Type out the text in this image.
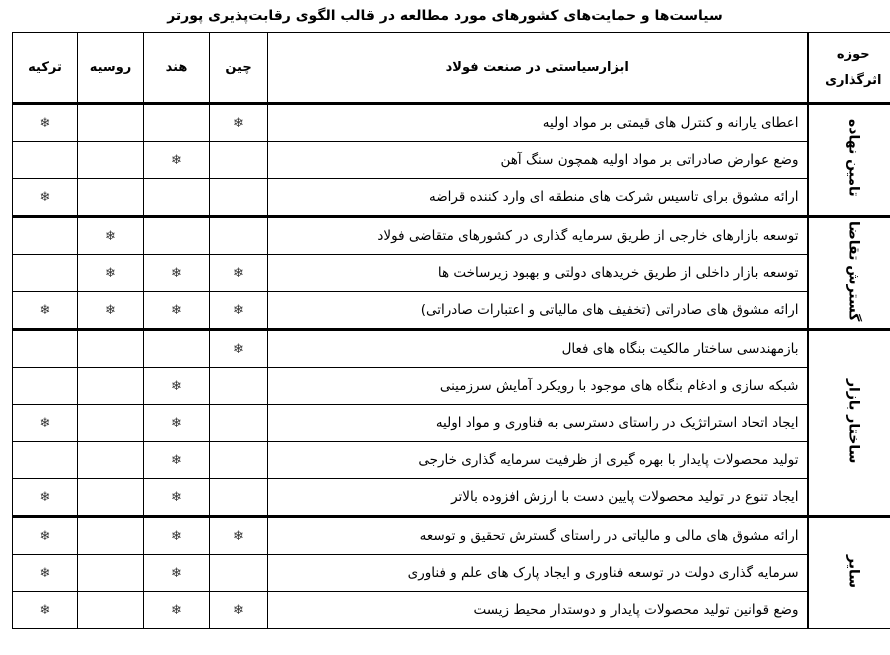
سیاست‌ها و حمایت‌های کشورهای مورد مطالعه در قالب الگوی رقابت‌پذیری پورتر
حوزه اثرگذاری	ابزارسیاستی در صنعت فولاد	چین	هند	روسیه	ترکیه
تامین نهاده	اعطای یارانه و کنترل های قیمتی بر مواد اولیه	❄			❄
	وضع عوارض صادراتی بر مواد اولیه همچون سنگ آهن		❄		
	ارائه مشوق برای تاسیس شرکت های منطقه ای وارد کننده قراضه				❄
گسترش تقاضا	توسعه بازارهای خارجی از طریق سرمایه گذاری در کشورهای متقاضی فولاد			❄	
	توسعه بازار داخلی از طریق خریدهای دولتی و بهبود زیرساخت ها	❄	❄	❄	
	ارائه مشوق های صادراتی (تخفیف های مالیاتی و اعتبارات صادراتی)	❄	❄	❄	❄
ساختار بازار	بازمهندسی ساختار مالکیت بنگاه های فعال	❄			
	شبکه سازی و ادغام بنگاه های موجود با رویکرد آمایش سرزمینی		❄		
	ایجاد اتحاد استراتژیک در راستای دسترسی به فناوری و مواد اولیه		❄		❄
	تولید محصولات پایدار با بهره گیری از ظرفیت سرمایه گذاری خارجی		❄		
	ایجاد تنوع در تولید محصولات پایین دست با ارزش افزوده بالاتر		❄		❄
سایر	ارائه مشوق های مالی و مالیاتی در راستای گسترش تحقیق و توسعه	❄	❄		❄
	سرمایه گذاری دولت در توسعه فناوری و ایجاد پارک های علم و فناوری		❄		❄
	وضع قوانین تولید محصولات پایدار و دوستدار محیط زیست	❄	❄		❄
